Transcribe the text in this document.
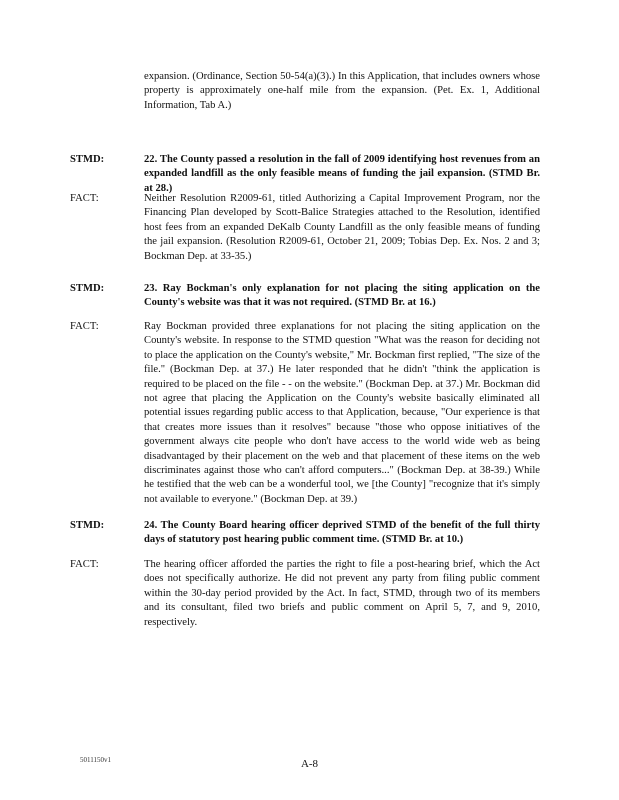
expansion. (Ordinance, Section 50-54(a)(3).) In this Application, that includes owners whose property is approximately one-half mile from the expansion. (Pet. Ex. 1, Additional Information, Tab A.)
STMD:	22. The County passed a resolution in the fall of 2009 identifying host revenues from an expanded landfill as the only feasible means of funding the jail expansion. (STMD Br. at 28.)
FACT:	Neither Resolution R2009-61, titled Authorizing a Capital Improvement Program, nor the Financing Plan developed by Scott-Balice Strategies attached to the Resolution, identified host fees from an expanded DeKalb County Landfill as the only feasible means of funding the jail expansion. (Resolution R2009-61, October 21, 2009; Tobias Dep. Ex. Nos. 2 and 3; Bockman Dep. at 33-35.)
STMD:	23. Ray Bockman's only explanation for not placing the siting application on the County's website was that it was not required. (STMD Br. at 16.)
FACT:	Ray Bockman provided three explanations for not placing the siting application on the County's website. In response to the STMD question "What was the reason for deciding not to place the application on the County's website," Mr. Bockman first replied, "The size of the file." (Bockman Dep. at 37.) He later responded that he didn't "think the application is required to be placed on the file - - on the website." (Bockman Dep. at 37.) Mr. Bockman did not agree that placing the Application on the County's website basically eliminated all potential issues regarding public access to that Application, because, "Our experience is that that creates more issues than it resolves" because "those who oppose initiatives of the government always cite people who don't have access to the world wide web as being disadvantaged by their placement on the web and that placement of these items on the web discriminates against those who can't afford computers..." (Bockman Dep. at 38-39.) While he testified that the web can be a wonderful tool, we [the County] "recognize that it's simply not available to everyone." (Bockman Dep. at 39.)
STMD:	24. The County Board hearing officer deprived STMD of the benefit of the full thirty days of statutory post hearing public comment time. (STMD Br. at 10.)
FACT:	The hearing officer afforded the parties the right to file a post-hearing brief, which the Act does not specifically authorize. He did not prevent any party from filing public comment within the 30-day period provided by the Act. In fact, STMD, through two of its members and its consultant, filed two briefs and public comment on April 5, 7, and 9, 2010, respectively.
5011150v1	A-8
